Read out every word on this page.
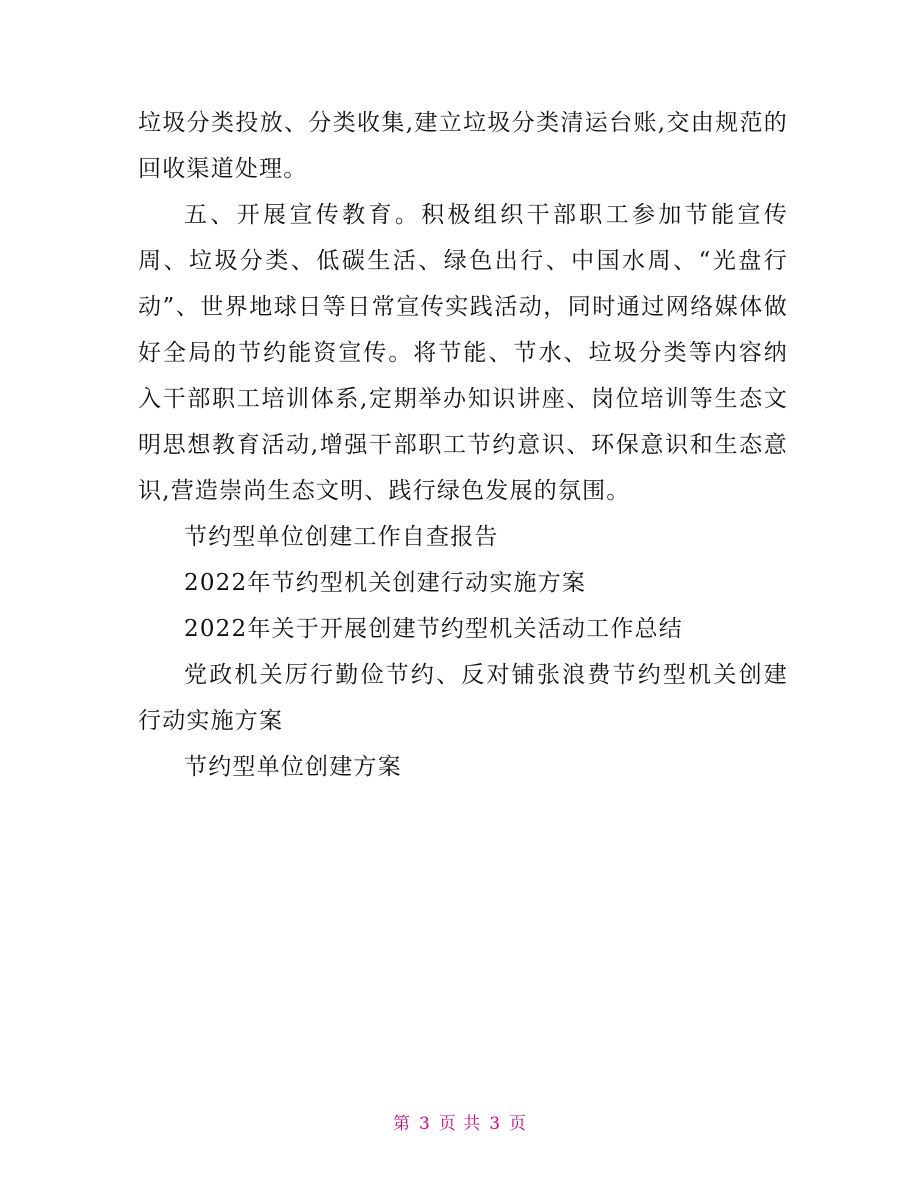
垃圾分类投放、分类收集,建立垃圾分类清运台账,交由规范的回收渠道处理。

五、开展宣传教育。积极组织干部职工参加节能宣传周、垃圾分类、低碳生活、绿色出行、中国水周、“光盘行动”、世界地球日等日常宣传实践活动，同时通过网络媒体做好全局的节约能资宣传。将节能、节水、垃圾分类等内容纳入干部职工培训体系,定期举办知识讲座、岗位培训等生态文明思想教育活动,增强干部职工节约意识、环保意识和生态意识,营造崇尚生态文明、践行绿色发展的氛围。

节约型单位创建工作自查报告

2022年节约型机关创建行动实施方案

2022年关于开展创建节约型机关活动工作总结

党政机关厉行勤俭节约、反对铺张浪费节约型机关创建行动实施方案

节约型单位创建方案

第 3 页 共 3 页
